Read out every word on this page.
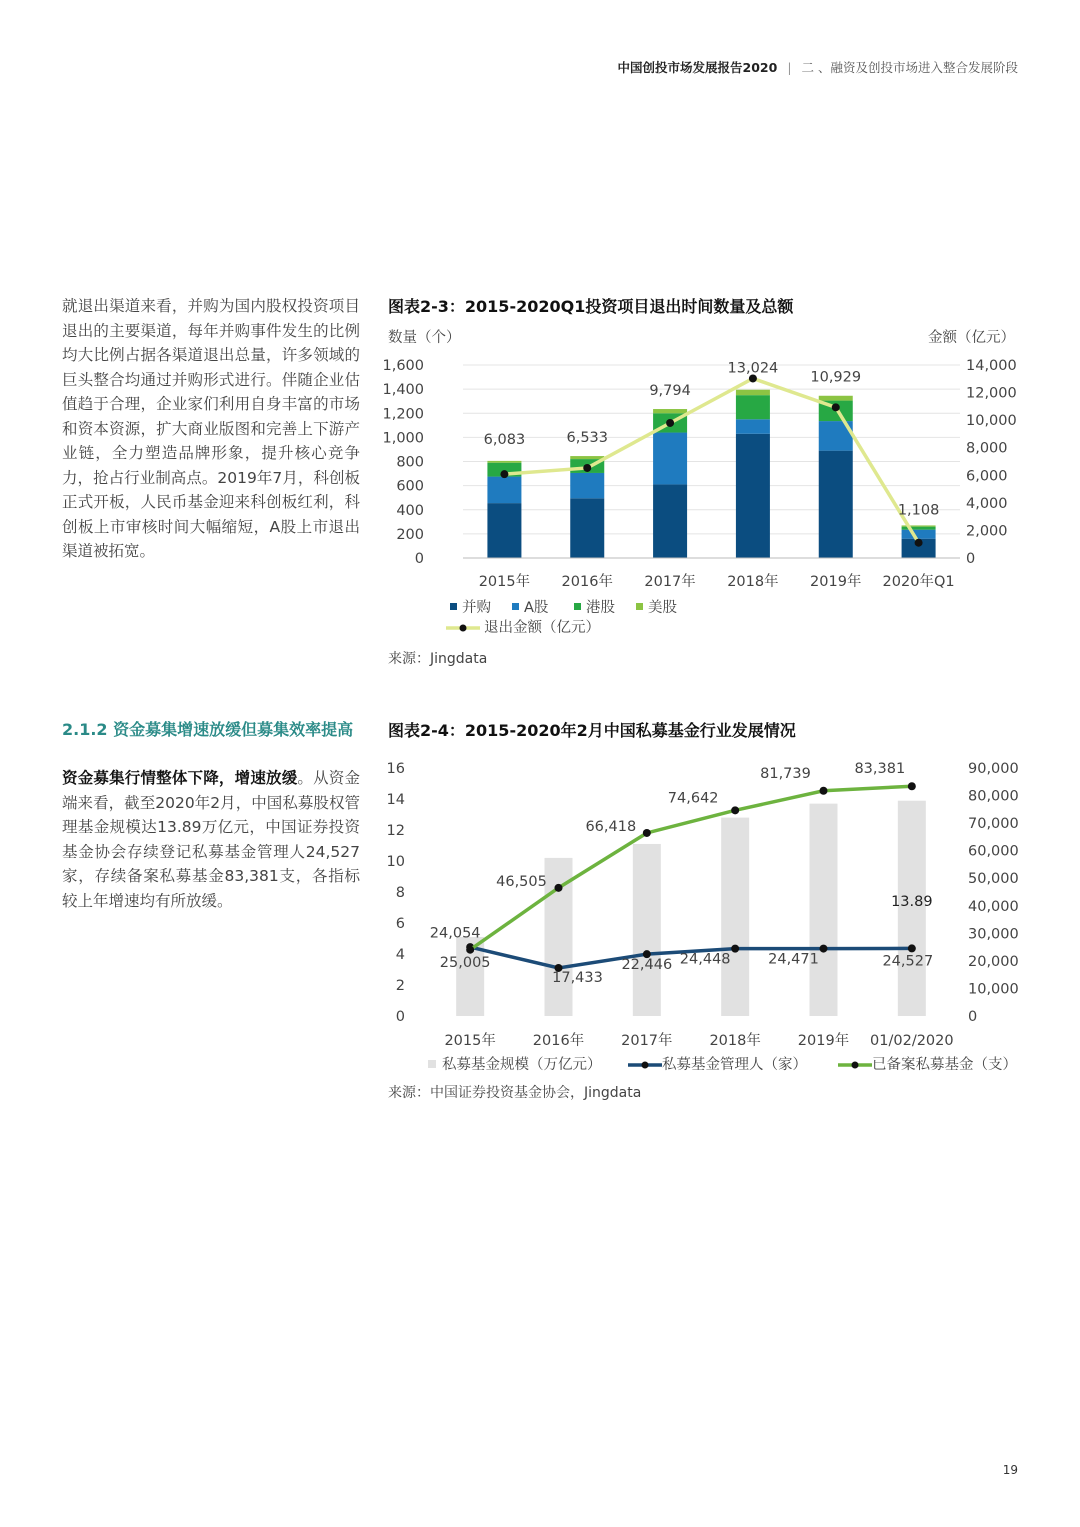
中国创投市场发展报告2020 | 二 、融资及创投市场进入整合发展阶段

就退出渠道来看，并购为国内股权投资项目退出的主要渠道，每年并购事件发生的比例均大比例占据各渠道退出总量，许多领域的巨头整合均通过并购形式进行。伴随企业估值趋于合理，企业家们利用自身丰富的市场和资本资源，扩大商业版图和完善上下游产业链，全力塑造品牌形象，提升核心竞争力，抢占行业制高点。2019年7月，科创板正式开板，人民币基金迎来科创板红利，科创板上市审核时间大幅缩短，A股上市退出渠道被拓宽。

2.1.2 资金募集增速放缓但募集效率提高

资金募集行情整体下降，增速放缓。从资金端来看，截至2020年2月，中国私募股权管理基金规模达13.89万亿元，中国证券投资基金协会存续登记私募基金管理人24,527家，存续备案私募基金83,381支，各指标较上年增速均有所放缓。

图表2-3：2015-2020Q1投资项目退出时间数量及总额
数量（个）	金额（亿元）
0
200
400
600
800
1,000
1,200
1,400
1,600
0
2,000
4,000
6,000
8,000
10,000
12,000
14,000
2015年 2016年 2017年 2018年 2019年 2020年Q1
6,083	6,533
9,794
13,024
10,929
1,108
并购 A股	港股 美股
退出金额（亿元）
来源：Jingdata
图表2-4：2015-2020年2月中国私募基金行业发展情况
0
2
4
6
8
10
12
14
16
0
10,000
20,000
30,000
40,000
50,000
60,000
70,000
80,000
90,000
2015年	2016年	2017年	2018年	2019年 01/02/2020
13.89
25,005
17,433
22,446 24,448	24,471	24,527
24,054
46,505
66,418
74,642
81,739	83,381
私募基金规模（万亿元）	私募基金管理人（家）	已备案私募基金（支）
来源：中国证券投资基金协会，Jingdata
19
